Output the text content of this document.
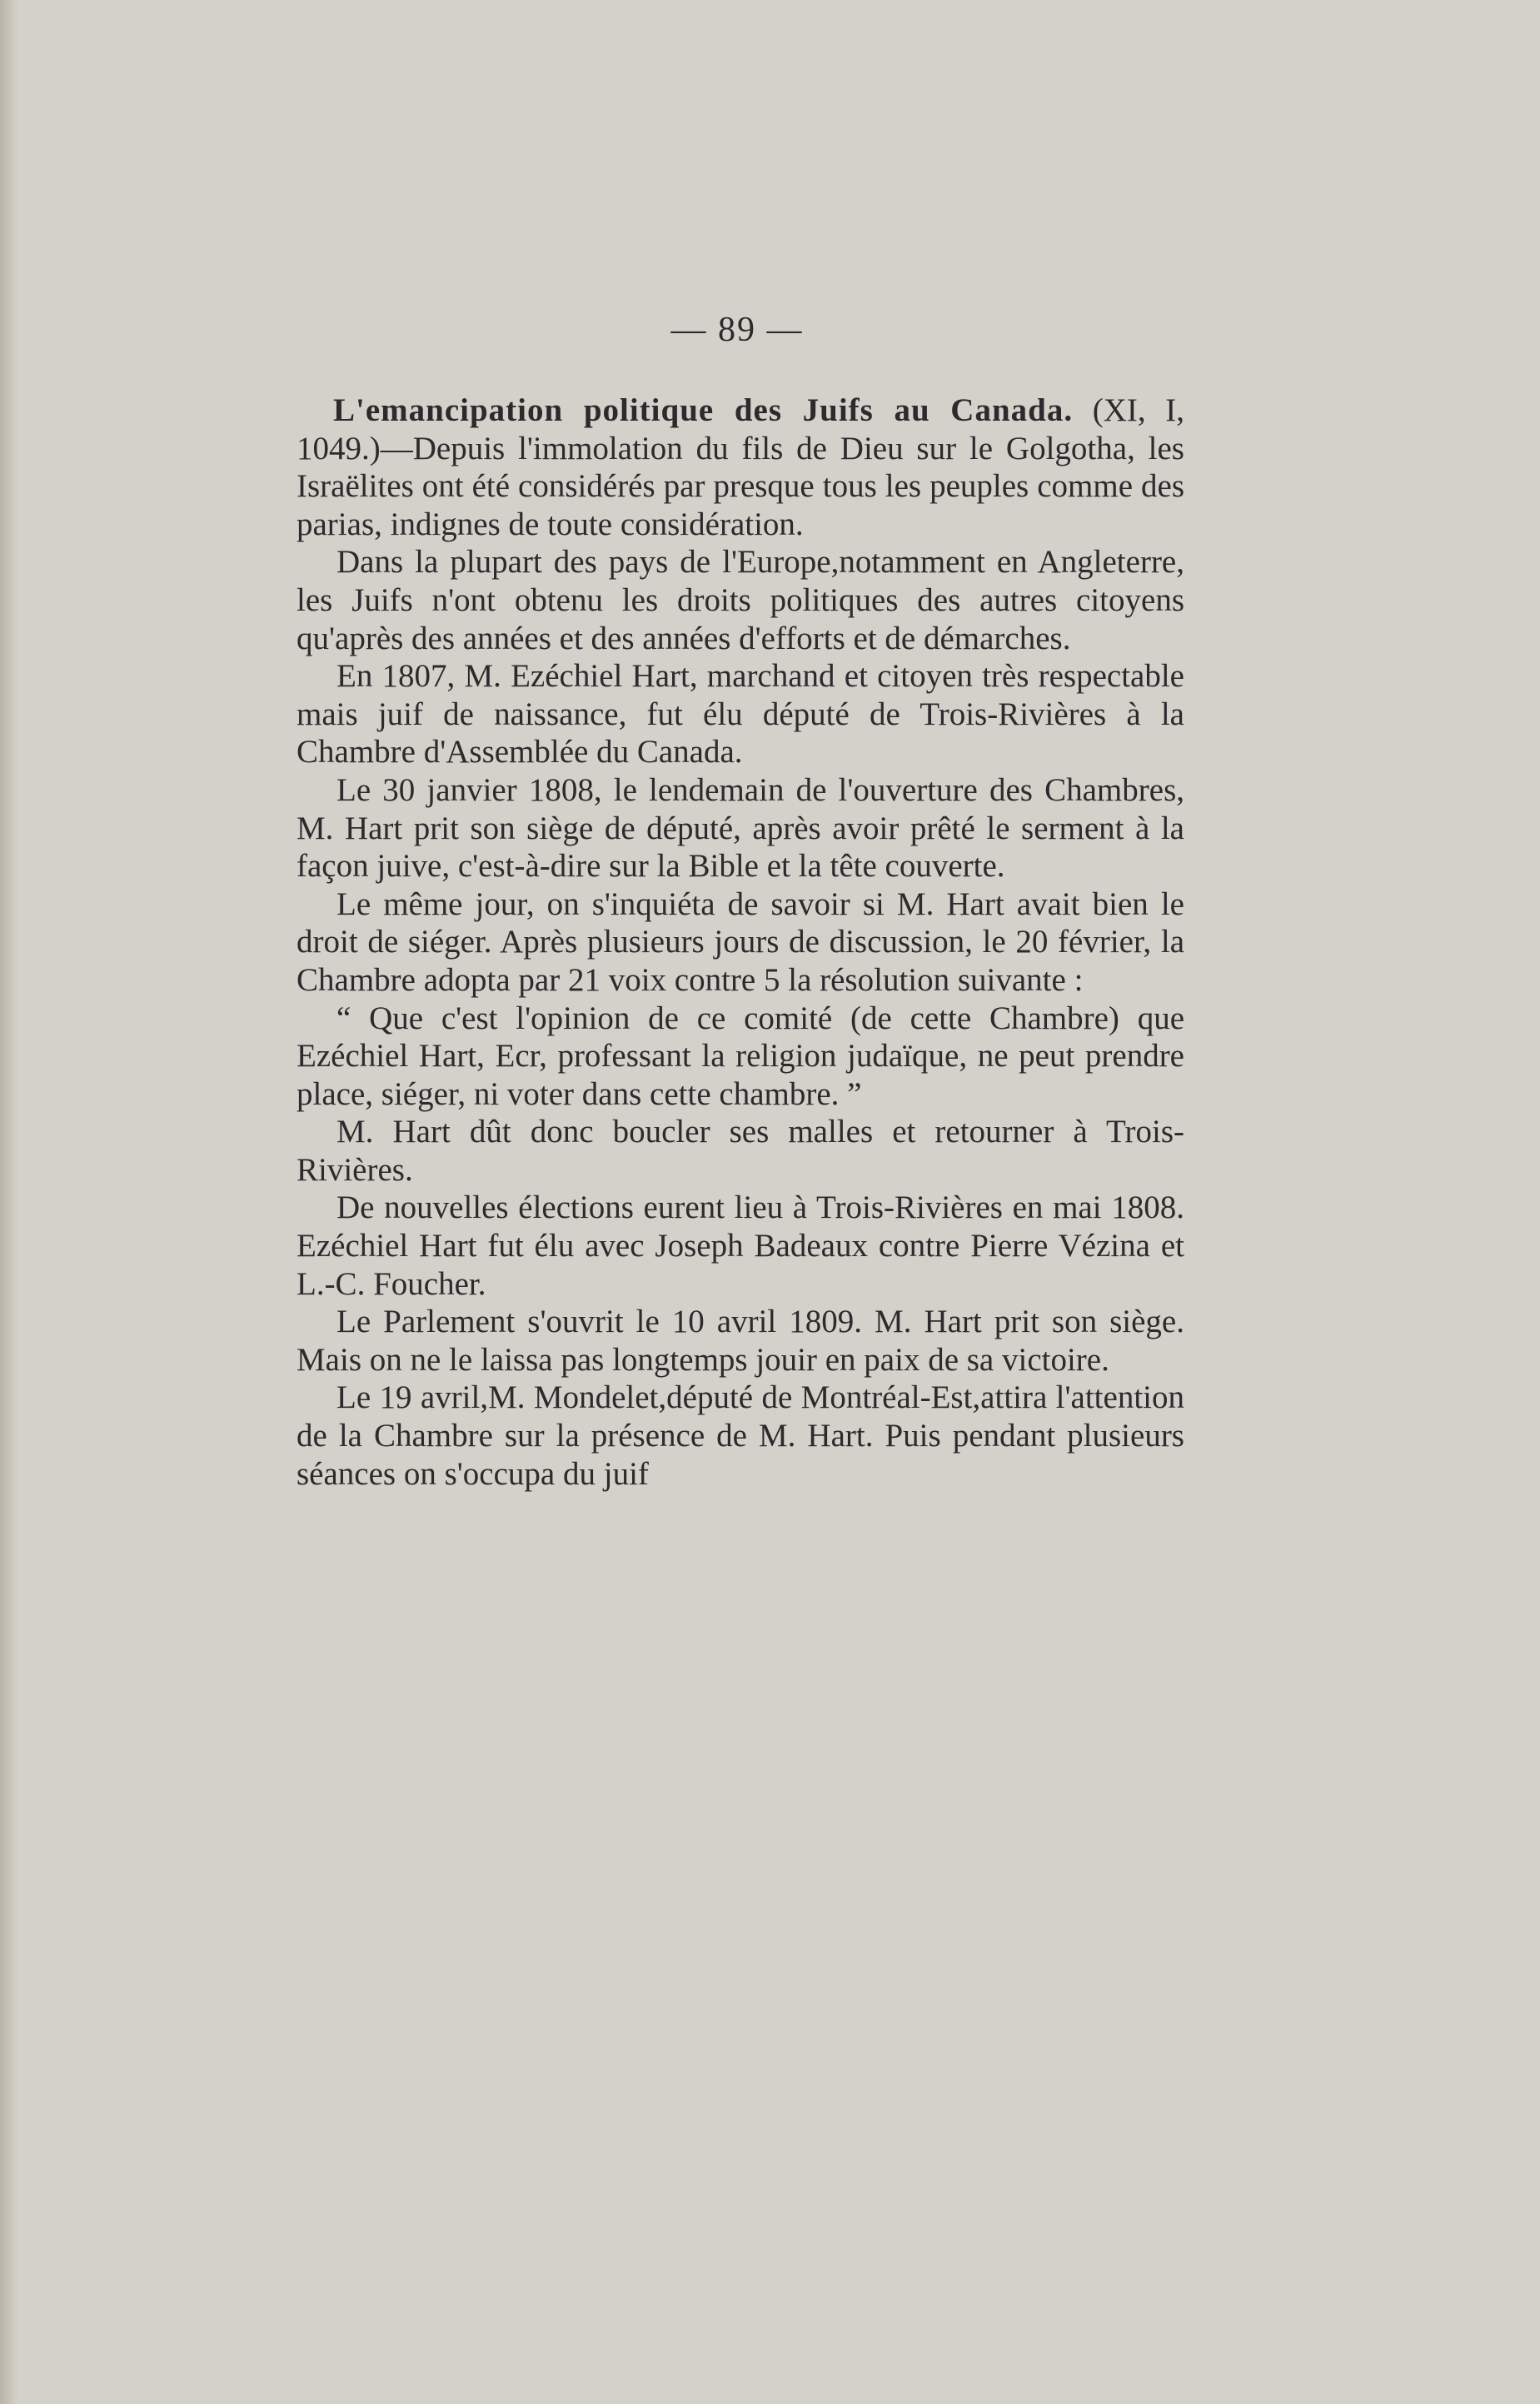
— 89 —

L'emancipation politique des Juifs au Canada. (XI, I, 1049.)—Depuis l'immolation du fils de Dieu sur le Golgotha, les Israëlites ont été considérés par presque tous les peuples comme des parias, indignes de toute considération.

Dans la plupart des pays de l'Europe,notamment en Angleterre, les Juifs n'ont obtenu les droits politiques des autres citoyens qu'après des années et des années d'efforts et de démarches.

En 1807, M. Ezéchiel Hart, marchand et citoyen très respectable mais juif de naissance, fut élu député de Trois-Rivières à la Chambre d'Assemblée du Canada.

Le 30 janvier 1808, le lendemain de l'ouverture des Chambres, M. Hart prit son siège de député, après avoir prêté le serment à la façon juive, c'est-à-dire sur la Bible et la tête couverte.

Le même jour, on s'inquiéta de savoir si M. Hart avait bien le droit de siéger. Après plusieurs jours de discussion, le 20 février, la Chambre adopta par 21 voix contre 5 la résolution suivante :

“ Que c'est l'opinion de ce comité (de cette Chambre) que Ezéchiel Hart, Ecr, professant la religion judaïque, ne peut prendre place, siéger, ni voter dans cette chambre. ”

M. Hart dût donc boucler ses malles et retourner à Trois-Rivières.

De nouvelles élections eurent lieu à Trois-Rivières en mai 1808. Ezéchiel Hart fut élu avec Joseph Badeaux contre Pierre Vézina et L.-C. Foucher.

Le Parlement s'ouvrit le 10 avril 1809. M. Hart prit son siège. Mais on ne le laissa pas longtemps jouir en paix de sa victoire.

Le 19 avril,M. Mondelet,député de Montréal-Est,attira l'attention de la Chambre sur la présence de M. Hart. Puis pendant plusieurs séances on s'occupa du juif
